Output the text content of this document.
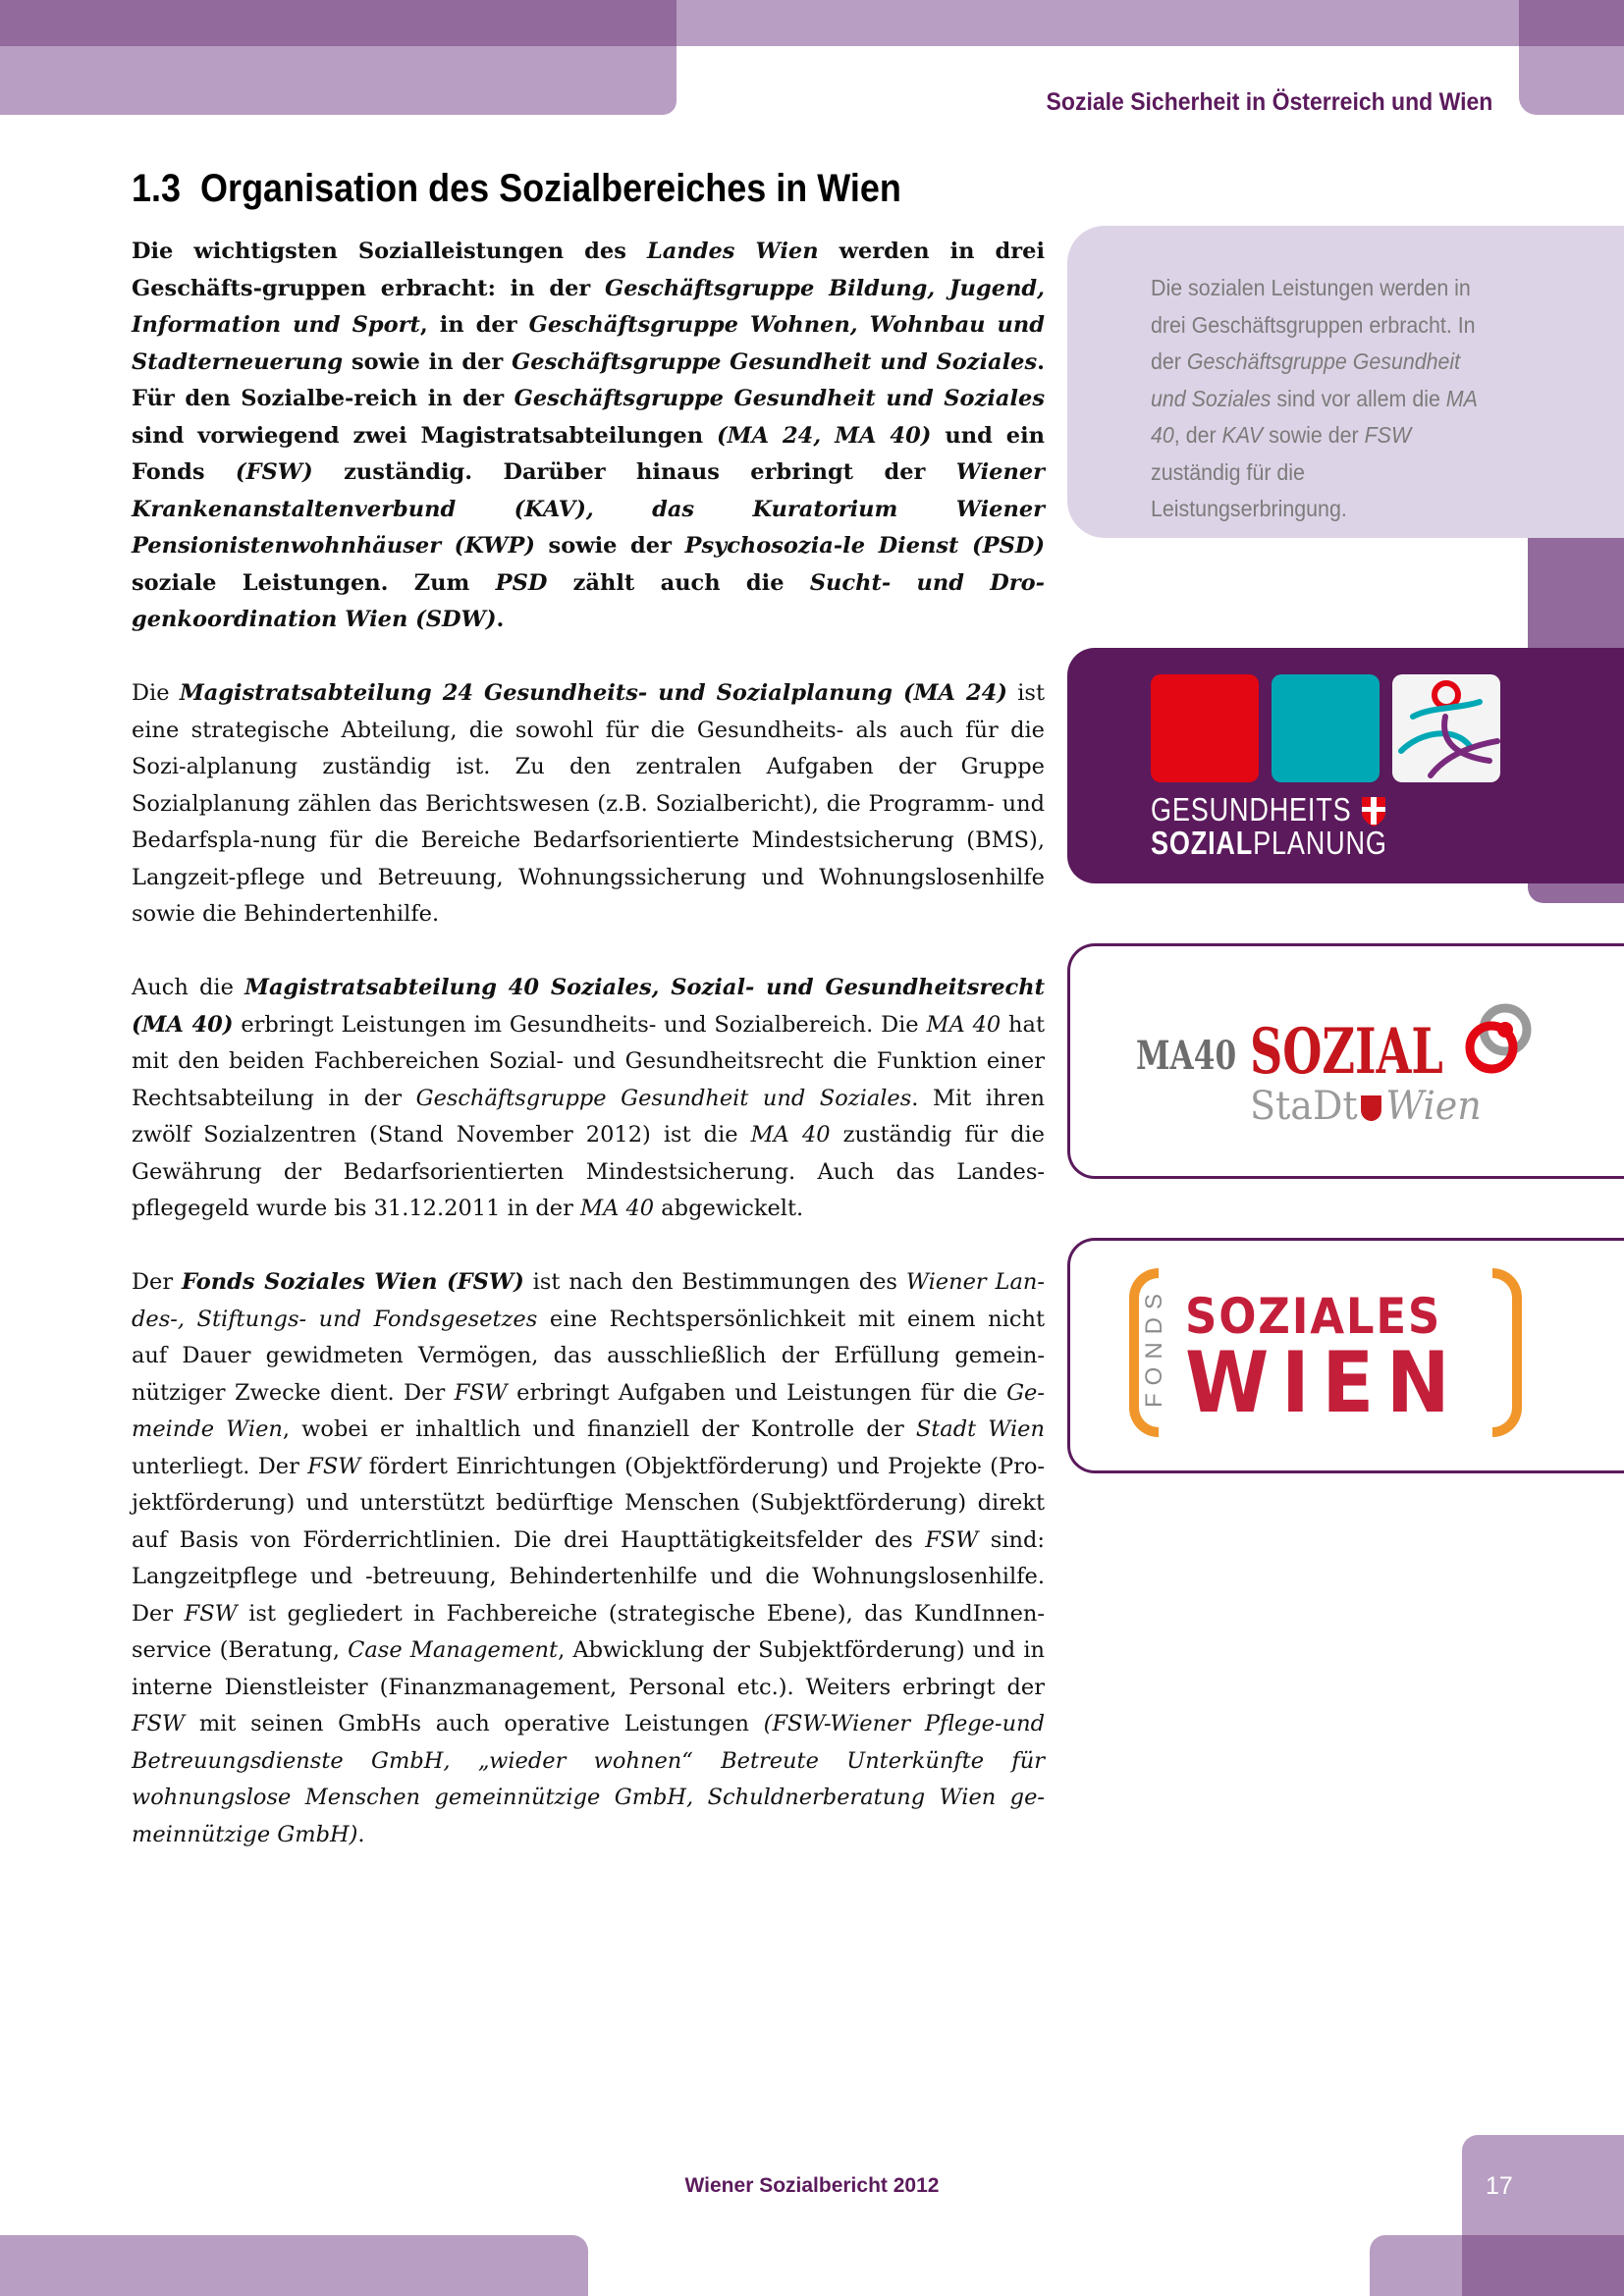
Soziale Sicherheit in Österreich und Wien
1.3 Organisation des Sozialbereiches in Wien

Die wichtigsten Sozialleistungen des Landes Wien werden in drei Geschäfts-gruppen erbracht: in der Geschäftsgruppe Bildung, Jugend, Information und Sport, in der Geschäftsgruppe Wohnen, Wohnbau und Stadterneuerung sowie in der Geschäftsgruppe Gesundheit und Soziales. Für den Sozialbe-reich in der Geschäftsgruppe Gesundheit und Soziales sind vorwiegend zwei Magistratsabteilungen (MA 24, MA 40) und ein Fonds (FSW) zuständig. Darüber hinaus erbringt der Wiener Krankenanstaltenverbund (KAV), das Kuratorium Wiener Pensionistenwohnhäuser (KWP) sowie der Psychosozia-le Dienst (PSD) soziale Leistungen. Zum PSD zählt auch die Sucht- und Dro-genkoordination Wien (SDW).

Die Magistratsabteilung 24 Gesundheits- und Sozialplanung (MA 24) ist eine strategische Abteilung, die sowohl für die Gesundheits- als auch für die Sozi-alplanung zuständig ist. Zu den zentralen Aufgaben der Gruppe Sozialplanung zählen das Berichtswesen (z.B. Sozialbericht), die Programm- und Bedarfspla-nung für die Bereiche Bedarfsorientierte Mindestsicherung (BMS), Langzeit-pflege und Betreuung, Wohnungssicherung und Wohnungslosenhilfe sowie die Behindertenhilfe.

Auch die Magistratsabteilung 40 Soziales, Sozial- und Gesundheitsrecht (MA 40) erbringt Leistungen im Gesundheits- und Sozialbereich. Die MA 40 hat mit den beiden Fachbereichen Sozial- und Gesundheitsrecht die Funktion einer Rechtsabteilung in der Geschäftsgruppe Gesundheit und Soziales. Mit ihren zwölf Sozialzentren (Stand November 2012) ist die MA 40 zuständig für die Gewährung der Bedarfsorientierten Mindestsicherung. Auch das Landes-pflegegeld wurde bis 31.12.2011 in der MA 40 abgewickelt.

Der Fonds Soziales Wien (FSW) ist nach den Bestimmungen des Wiener Lan-des-, Stiftungs- und Fondsgesetzes eine Rechtspersönlichkeit mit einem nicht auf Dauer gewidmeten Vermögen, das ausschließlich der Erfüllung gemein-nütziger Zwecke dient. Der FSW erbringt Aufgaben und Leistungen für die Ge-meinde Wien, wobei er inhaltlich und finanziell der Kontrolle der Stadt Wien unterliegt. Der FSW fördert Einrichtungen (Objektförderung) und Projekte (Pro-jektförderung) und unterstützt bedürftige Menschen (Subjektförderung) direkt auf Basis von Förderrichtlinien. Die drei Haupttätigkeitsfelder des FSW sind: Langzeitpflege und -betreuung, Behindertenhilfe und die Wohnungslosenhilfe. Der FSW ist gegliedert in Fachbereiche (strategische Ebene), das KundInnen-service (Beratung, Case Management, Abwicklung der Subjektförderung) und in interne Dienstleister (Finanzmanagement, Personal etc.). Weiters erbringt der FSW mit seinen GmbHs auch operative Leistungen (FSW-Wiener Pflege-und Betreuungsdienste GmbH, „wieder wohnen“ Betreute Unterkünfte für wohnungslose Menschen gemeinnützige GmbH, Schuldnerberatung Wien ge-meinnützige GmbH).

Die sozialen Leistungen werden in drei Geschäftsgruppen erbracht. In der Geschäftsgruppe Gesundheit und Soziales sind vor allem die MA 40, der KAV sowie der FSW zuständig für die Leistungserbringung.
GESUNDHEITS
SOZIALPLANUNG
MA40 SOZIAL
StaDt Wien
FONDS SOZIALES
WIEN
Wiener Sozialbericht 2012	17
